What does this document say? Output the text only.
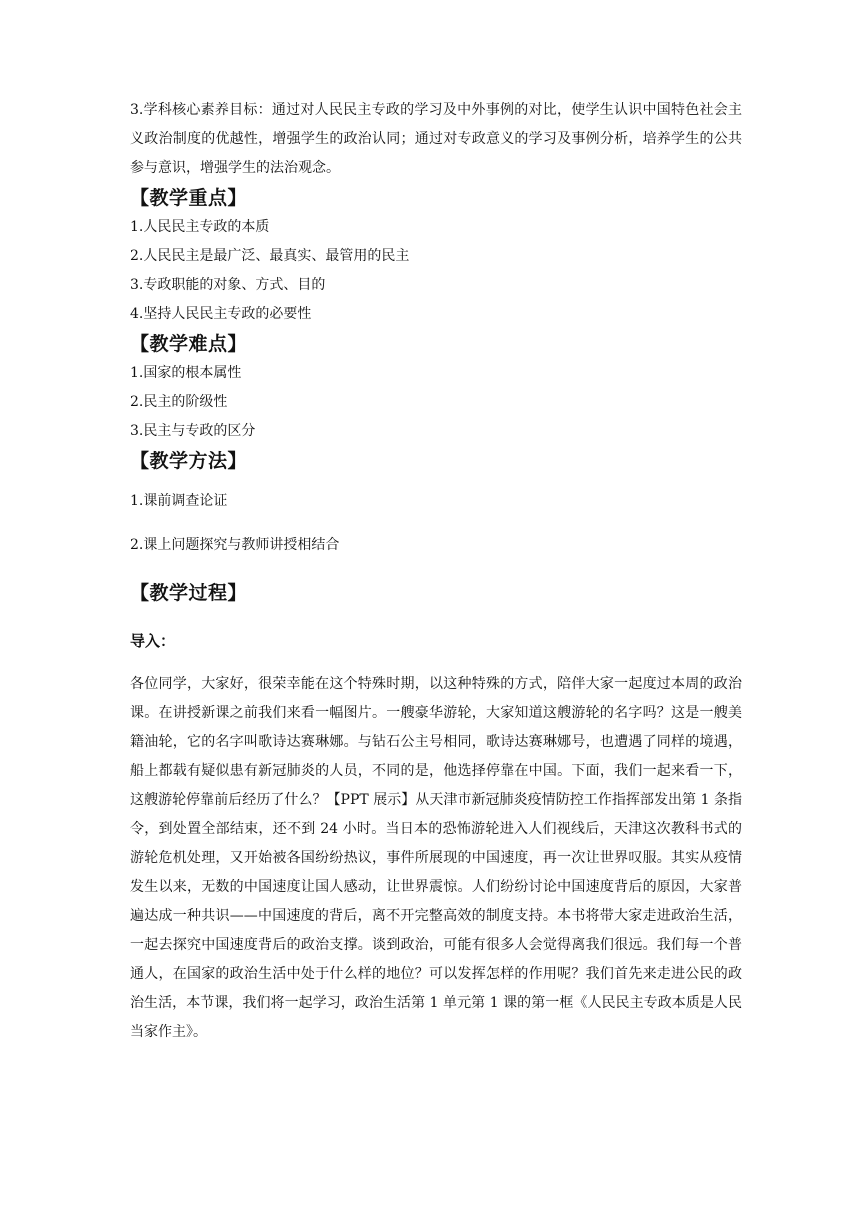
3.学科核心素养目标：通过对人民民主专政的学习及中外事例的对比，使学生认识中国特色社会主义政治制度的优越性，增强学生的政治认同；通过对专政意义的学习及事例分析，培养学生的公共参与意识，增强学生的法治观念。

【教学重点】

1.人民民主专政的本质

2.人民民主是最广泛、最真实、最管用的民主

3.专政职能的对象、方式、目的

4.坚持人民民主专政的必要性

【教学难点】

1.国家的根本属性

2.民主的阶级性

3.民主与专政的区分

【教学方法】

1.课前调查论证

2.课上问题探究与教师讲授相结合

【教学过程】

导入：

各位同学，大家好，很荣幸能在这个特殊时期，以这种特殊的方式，陪伴大家一起度过本周的政治课。在讲授新课之前我们来看一幅图片。一艘豪华游轮，大家知道这艘游轮的名字吗？这是一艘美籍油轮，它的名字叫歌诗达赛琳娜。与钻石公主号相同，歌诗达赛琳娜号，也遭遇了同样的境遇，船上都载有疑似患有新冠肺炎的人员，不同的是，他选择停靠在中国。下面，我们一起来看一下，这艘游轮停靠前后经历了什么？【PPT 展示】从天津市新冠肺炎疫情防控工作指挥部发出第 1 条指令，到处置全部结束，还不到 24 小时。当日本的恐怖游轮进入人们视线后，天津这次教科书式的游轮危机处理，又开始被各国纷纷热议，事件所展现的中国速度，再一次让世界叹服。其实从疫情发生以来，无数的中国速度让国人感动，让世界震惊。人们纷纷讨论中国速度背后的原因，大家普遍达成一种共识——中国速度的背后，离不开完整高效的制度支持。本书将带大家走进政治生活，一起去探究中国速度背后的政治支撑。谈到政治，可能有很多人会觉得离我们很远。我们每一个普通人，在国家的政治生活中处于什么样的地位？可以发挥怎样的作用呢？我们首先来走进公民的政治生活，本节课，我们将一起学习，政治生活第 1 单元第 1 课的第一框《人民民主专政本质是人民当家作主》。
